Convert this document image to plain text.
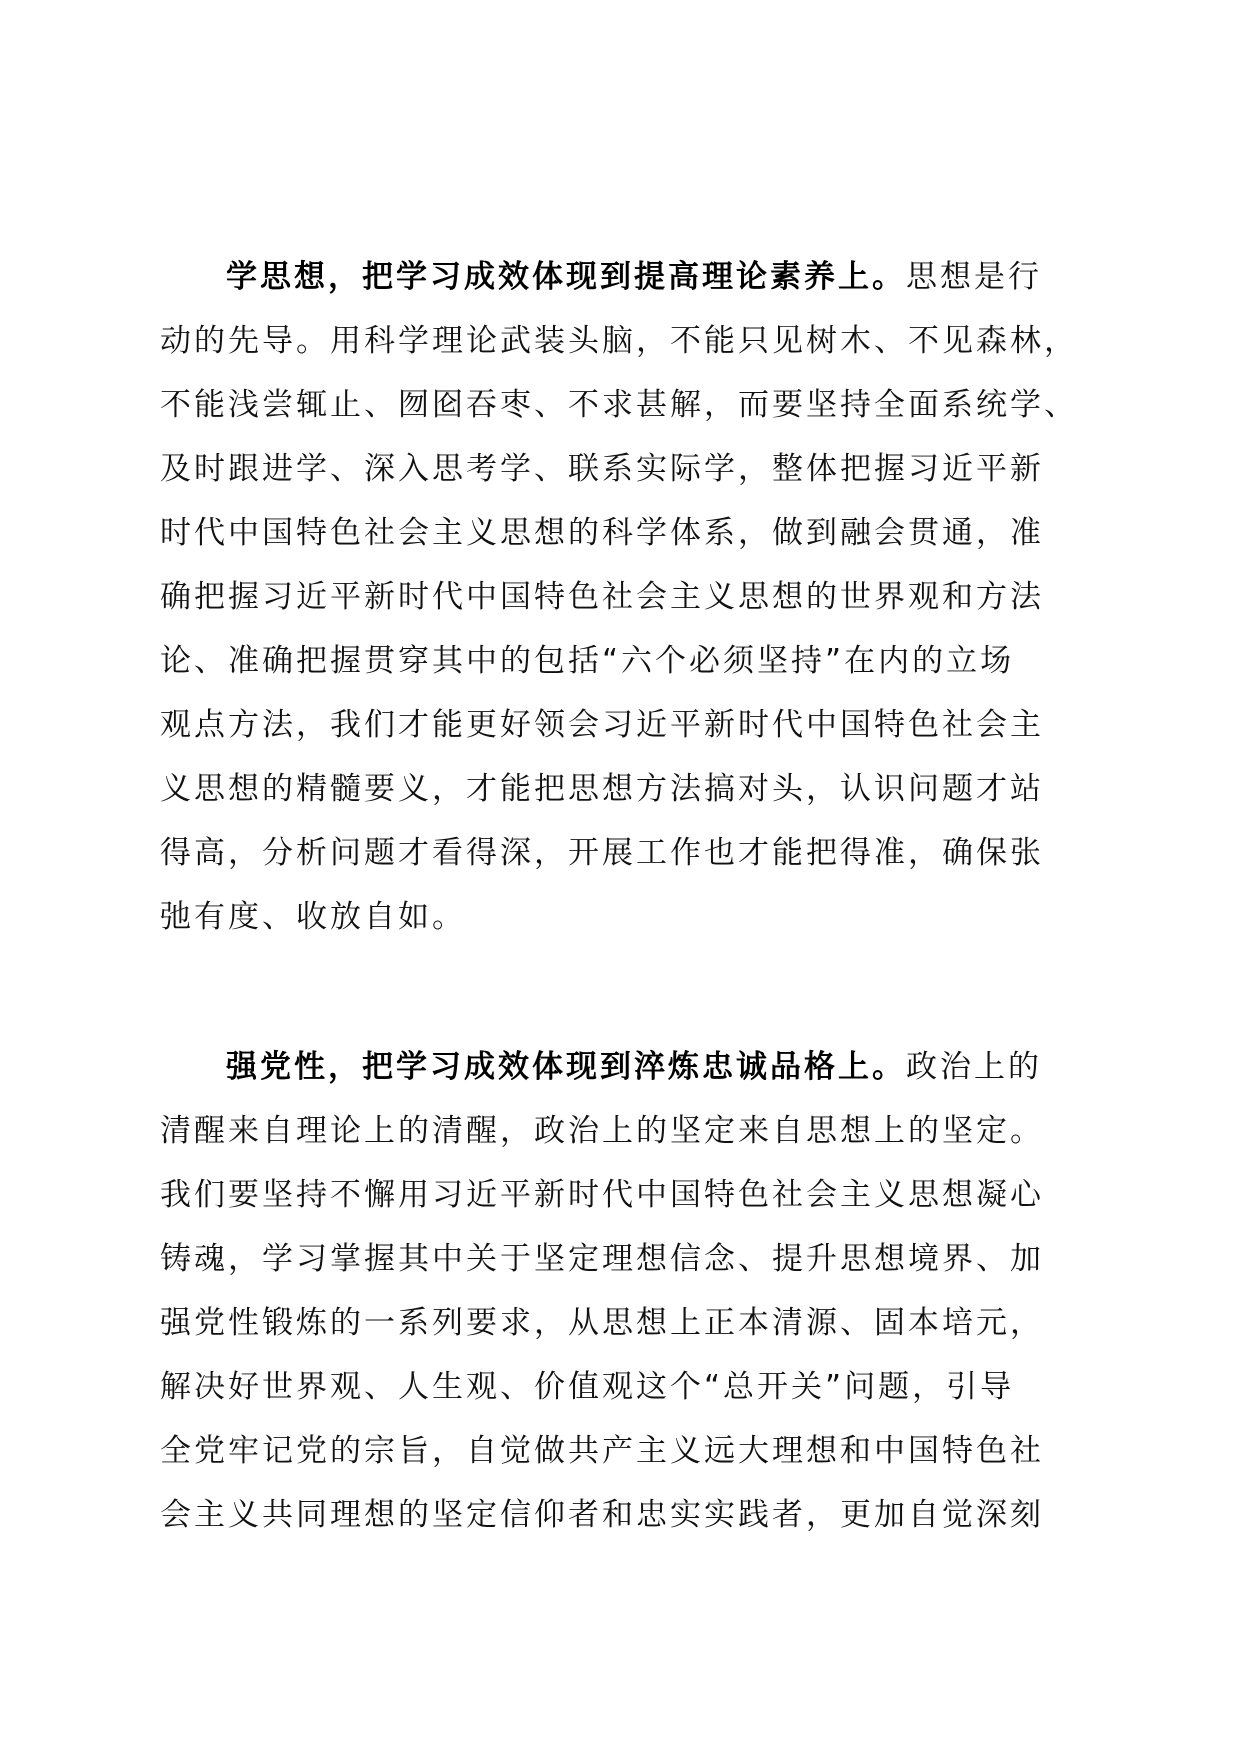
学思想，把学习成效体现到提高理论素养上。思想是行
动的先导。用科学理论武装头脑，不能只见树木、不见森林，
不能浅尝辄止、囫囵吞枣、不求甚解，而要坚持全面系统学、
及时跟进学、深入思考学、联系实际学，整体把握习近平新
时代中国特色社会主义思想的科学体系，做到融会贯通，准
确把握习近平新时代中国特色社会主义思想的世界观和方法
论、准确把握贯穿其中的包括“六个必须坚持”在内的立场
观点方法，我们才能更好领会习近平新时代中国特色社会主
义思想的精髓要义，才能把思想方法搞对头，认识问题才站
得高，分析问题才看得深，开展工作也才能把得准，确保张
弛有度、收放自如。
强党性，把学习成效体现到淬炼忠诚品格上。政治上的
清醒来自理论上的清醒，政治上的坚定来自思想上的坚定。
我们要坚持不懈用习近平新时代中国特色社会主义思想凝心
铸魂，学习掌握其中关于坚定理想信念、提升思想境界、加
强党性锻炼的一系列要求，从思想上正本清源、固本培元，
解决好世界观、人生观、价值观这个“总开关”问题，引导
全党牢记党的宗旨，自觉做共产主义远大理想和中国特色社
会主义共同理想的坚定信仰者和忠实实践者，更加自觉深刻
